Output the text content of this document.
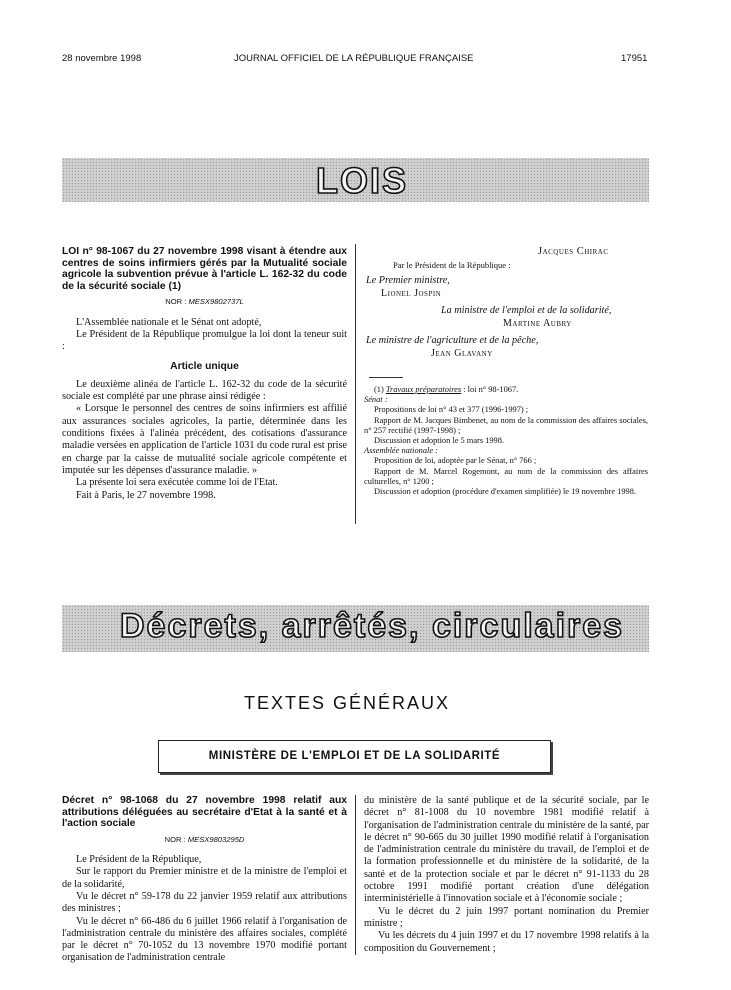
28 novembre 1998	JOURNAL OFFICIEL DE LA RÉPUBLIQUE FRANÇAISE	17951
LOIS
LOI n° 98-1067 du 27 novembre 1998 visant à étendre aux centres de soins infirmiers gérés par la Mutualité sociale agricole la subvention prévue à l'article L. 162-32 du code de la sécurité sociale (1)
NOR : MESX9802737L

L'Assemblée nationale et le Sénat ont adopté,

Le Président de la République promulgue la loi dont la teneur suit :

Article unique

Le deuxième alinéa de l'article L. 162-32 du code de la sécurité sociale est complété par une phrase ainsi rédigée :

« Lorsque le personnel des centres de soins infirmiers est affilié aux assurances sociales agricoles, la partie, déterminée dans les conditions fixées à l'alinéa précédent, des cotisations d'assurance maladie versées en application de l'article 1031 du code rural est prise en charge par la caisse de mutualité sociale agricole compétente et imputée sur les dépenses d'assurance maladie. »

La présente loi sera exécutée comme loi de l'Etat.

Fait à Paris, le 27 novembre 1998.

Jacques Chirac
Par le Président de la République :
Le Premier ministre,
Lionel Jospin
La ministre de l'emploi et de la solidarité,
Martine Aubry
Le ministre de l'agriculture et de la pêche,
Jean Glavany

(1) Travaux préparatoires : loi n° 98-1067.

Sénat :

Propositions de loi n° 43 et 377 (1996-1997) ;

Rapport de M. Jacques Bimbenet, au nom de la commission des affaires sociales, n° 257 rectifié (1997-1998) ;

Discussion et adoption le 5 mars 1998.

Assemblée nationale :

Proposition de loi, adoptée par le Sénat, n° 766 ;

Rapport de M. Marcel Rogemont, au nom de la commission des affaires culturelles, n° 1200 ;

Discussion et adoption (procédure d'examen simplifiée) le 19 novembre 1998.

Décrets, arrêtés, circulaires
TEXTES GÉNÉRAUX
MINISTÈRE DE L'EMPLOI ET DE LA SOLIDARITÉ
Décret n° 98-1068 du 27 novembre 1998 relatif aux attributions déléguées au secrétaire d'Etat à la santé et à l'action sociale
NOR : MESX9803295D

Le Président de la République,

Sur le rapport du Premier ministre et de la ministre de l'emploi et de la solidarité,

Vu le décret n° 59-178 du 22 janvier 1959 relatif aux attributions des ministres ;

Vu le décret n° 66-486 du 6 juillet 1966 relatif à l'organisation de l'administration centrale du ministère des affaires sociales, complété par le décret n° 70-1052 du 13 novembre 1970 modifié portant organisation de l'administration centrale

du ministère de la santé publique et de la sécurité sociale, par le décret n° 81-1008 du 10 novembre 1981 modifié relatif à l'organisation de l'administration centrale du ministère de la santé, par le décret n° 90-665 du 30 juillet 1990 modifié relatif à l'organisation de l'administration centrale du ministère du travail, de l'emploi et de la formation professionnelle et du ministère de la solidarité, de la santé et de la protection sociale et par le décret n° 91-1133 du 28 octobre 1991 modifié portant création d'une délégation interministérielle à l'innovation sociale et à l'économie sociale ;

Vu le décret du 2 juin 1997 portant nomination du Premier ministre ;

Vu les décrets du 4 juin 1997 et du 17 novembre 1998 relatifs à la composition du Gouvernement ;
